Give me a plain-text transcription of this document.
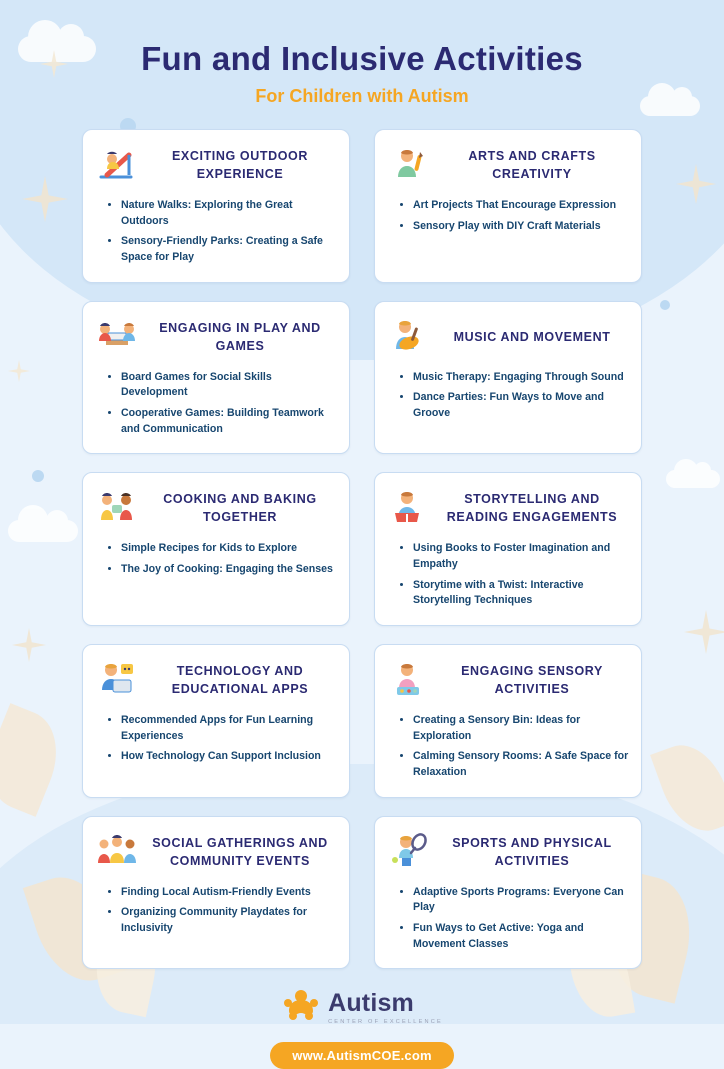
Fun and Inclusive Activities
For Children with Autism
EXCITING OUTDOOR EXPERIENCE
• Nature Walks: Exploring the Great Outdoors
• Sensory-Friendly Parks: Creating a Safe Space for Play
ARTS AND CRAFTS CREATIVITY
• Art Projects That Encourage Expression
• Sensory Play with DIY Craft Materials
ENGAGING IN PLAY AND GAMES
• Board Games for Social Skills Development
• Cooperative Games: Building Teamwork and Communication
MUSIC AND MOVEMENT
• Music Therapy: Engaging Through Sound
• Dance Parties: Fun Ways to Move and Groove
COOKING AND BAKING TOGETHER
• Simple Recipes for Kids to Explore
• The Joy of Cooking: Engaging the Senses
STORYTELLING AND READING ENGAGEMENTS
• Using Books to Foster Imagination and Empathy
• Storytime with a Twist: Interactive Storytelling Techniques
TECHNOLOGY AND EDUCATIONAL APPS
• Recommended Apps for Fun Learning Experiences
• How Technology Can Support Inclusion
ENGAGING SENSORY ACTIVITIES
• Creating a Sensory Bin: Ideas for Exploration
• Calming Sensory Rooms: A Safe Space for Relaxation
SOCIAL GATHERINGS AND COMMUNITY EVENTS
• Finding Local Autism-Friendly Events
• Organizing Community Playdates for Inclusivity
SPORTS AND PHYSICAL ACTIVITIES
• Adaptive Sports Programs: Everyone Can Play
• Fun Ways to Get Active: Yoga and Movement Classes
Autism
CENTER OF EXCELLENCE
www.AutismCOE.com
